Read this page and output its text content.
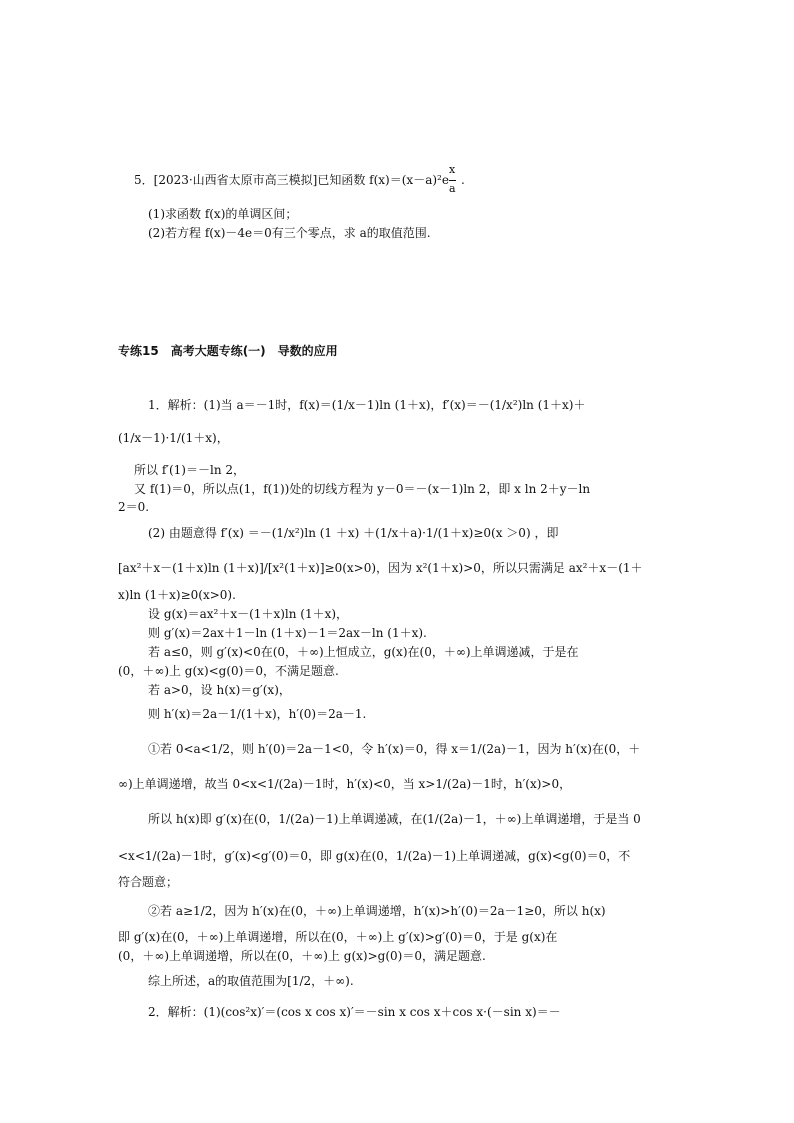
5．[2023·山西省太原市高三模拟]已知函数 f(x)＝(x－a)²e
$\frac{x}{a}$
.
(1)求函数 f(x)的单调区间；
(2)若方程 f(x)－4e＝0有三个零点，求 a的取值范围.
专练15　高考大题专练(一)　导数的应用
1．解析：(1)当 a＝－1时，f(x)＝(1/x－1)ln (1＋x)，f′(x)＝－(1/x²)ln (1＋x)＋
(1/x－1)·1/(1＋x)，
所以 f′(1)＝－ln 2，
又 f(1)＝0，所以点(1，f(1))处的切线方程为 y－0＝－(x－1)ln 2，即 x ln 2＋y－ln
2＝0.
(2) 由题意得 f′(x) ＝－(1/x²)ln (1 ＋x) ＋(1/x＋a)·1/(1＋x)≥0(x ＞0) ，即
[ax²＋x－(1＋x)ln (1＋x)]/[x²(1＋x)]≥0(x>0)，因为 x²(1＋x)>0，所以只需满足 ax²＋x－(1＋
x)ln (1＋x)≥0(x>0).
设 g(x)＝ax²＋x－(1＋x)ln (1＋x)，
则 g′(x)＝2ax＋1－ln (1＋x)－1＝2ax－ln (1＋x).
若 a≤0，则 g′(x)<0在(0，＋∞)上恒成立，g(x)在(0，＋∞)上单调递减，于是在
(0，＋∞)上 g(x)<g(0)＝0，不满足题意.
若 a>0，设 h(x)＝g′(x)，
则 h′(x)＝2a－1/(1＋x)，h′(0)＝2a－1.
①若 0<a<1/2，则 h′(0)＝2a－1<0，令 h′(x)＝0，得 x＝1/(2a)－1，因为 h′(x)在(0，＋
∞)上单调递增，故当 0<x<1/(2a)－1时，h′(x)<0，当 x>1/(2a)－1时，h′(x)>0，
所以 h(x)即 g′(x)在(0，1/(2a)－1)上单调递减，在(1/(2a)－1，＋∞)上单调递增，于是当 0
<x<1/(2a)－1时，g′(x)<g′(0)＝0，即 g(x)在(0，1/(2a)－1)上单调递减，g(x)<g(0)＝0，不
符合题意；
②若 a≥1/2，因为 h′(x)在(0，＋∞)上单调递增，h′(x)>h′(0)＝2a－1≥0，所以 h(x)
即 g′(x)在(0，＋∞)上单调递增，所以在(0，＋∞)上 g′(x)>g′(0)＝0，于是 g(x)在
(0，＋∞)上单调递增，所以在(0，＋∞)上 g(x)>g(0)＝0，满足题意.
综上所述，a的取值范围为[1/2，＋∞).
2．解析：(1)(cos²x)′＝(cos x cos x)′＝－sin x cos x＋cos x·(－sin x)＝－
